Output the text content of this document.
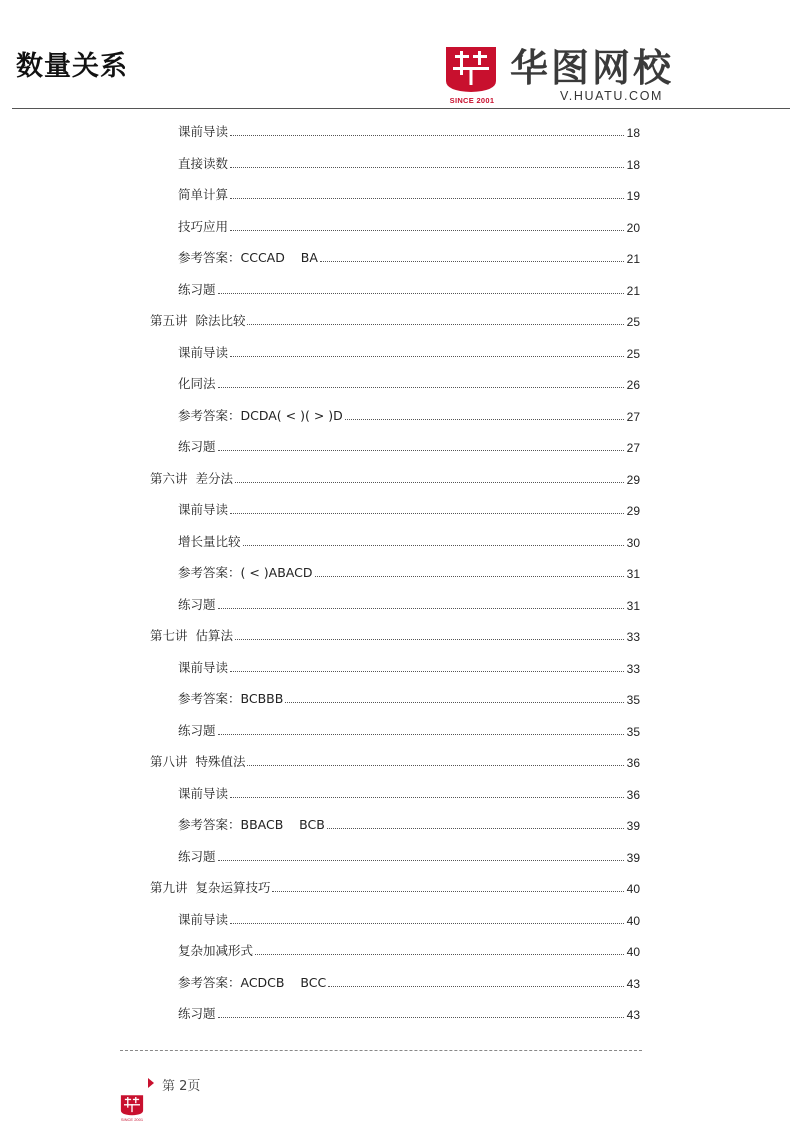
数量关系
SINCE 2001
华图网校
V.HUATU.COM
课前导读	18
直接读数	18
简单计算	19
技巧应用	20
参考答案：CCCAD    BA	21
练习题	21
第五讲  除法比较	25
课前导读	25
化同法	26
参考答案：DCDA( < )( > )D	27
练习题	27
第六讲  差分法	29
课前导读	29
增长量比较	30
参考答案：( < )ABACD	31
练习题	31
第七讲  估算法	33
课前导读	33
参考答案：BCBBB	35
练习题	35
第八讲  特殊值法	36
课前导读	36
参考答案：BBACB    BCB	39
练习题	39
第九讲  复杂运算技巧	40
课前导读	40
复杂加减形式	40
参考答案：ACDCB    BCC	43
练习题	43
第 2页
SINCE 2001
